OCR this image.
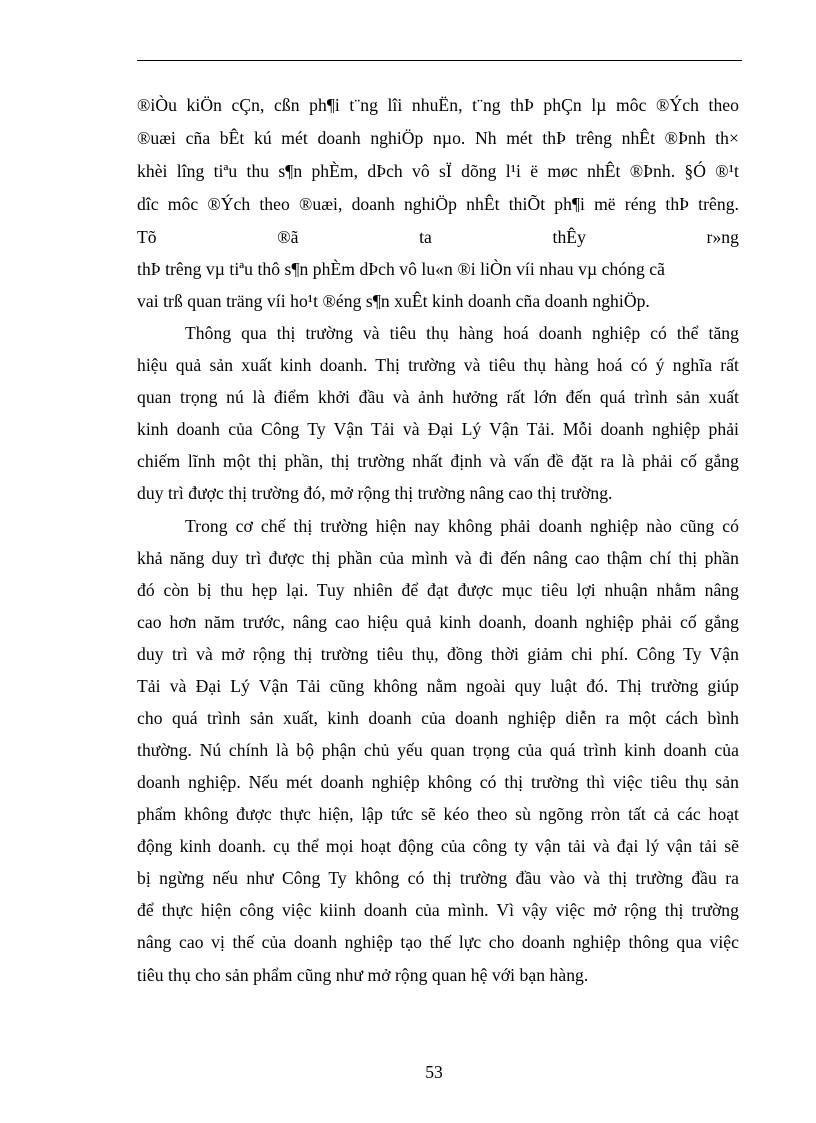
®iÒu kiÖn cÇn, cßn ph¶i t¨ng lîi nhuËn, t¨ng thÞ phÇn lµ môc ®Ých theo
®uæi cña bÊt kú mét doanh nghiÖp nµo. Nh mét thÞ trêng nhÊt ®Þnh th×
khèi lîng tiªu thu s¶n phÈm, dÞch vô sÏ dõng l¹i ë møc nhÊt ®Þnh. §Ó ®¹t
dîc môc ®Ých theo ®uæi, doanh nghiÖp nhÊt thiÕt ph¶i më réng thÞ trêng.
Tõ ®ã ta thÊy r»ng
thÞ trêng vµ tiªu thô s¶n phÈm dÞch vô lu«n ®i liÒn víi nhau vµ chóng cã
vai trß quan träng víi ho¹t ®éng s¶n xuÊt kinh doanh cña doanh nghiÖp.
Thông qua thị trường và tiêu thụ hàng hoá doanh nghiệp có thể tăng
hiệu quả sản xuất kinh doanh. Thị trường và tiêu thụ hàng hoá có ý nghĩa rất
quan trọng nú là điểm khởi đầu và ảnh hưởng rất lớn đến quá trình sản xuất
kinh doanh của Công Ty Vận Tải và Đại Lý Vận Tải. Mỗi doanh nghiệp phải
chiếm lĩnh một thị phần, thị trường nhất định và vấn đề đặt ra là phải cố gắng
duy trì được thị trường đó, mở rộng thị trường nâng cao thị trường.
Trong cơ chế thị trường hiện nay không phải doanh nghiệp nào cũng có
khả năng duy trì được thị phần của mình và đi đến nâng cao thậm chí thị phần
đó còn bị thu hẹp lại. Tuy nhiên để đạt được mục tiêu lợi nhuận nhằm nâng
cao hơn năm trước, nâng cao hiệu quả kinh doanh, doanh nghiệp phải cố gắng
duy trì và mở rộng thị trường tiêu thụ, đồng thời giảm chi phí. Công Ty Vận
Tải và Đại Lý Vận Tải cũng không nằm ngoài quy luật đó. Thị trường giúp
cho quá trình sản xuất, kinh doanh của doanh nghiệp diễn ra một cách bình
thường. Nú chính là bộ phận chủ yếu quan trọng của quá trình kinh doanh của
doanh nghiệp. Nếu mét doanh nghiệp không có thị trường thì việc tiêu thụ sản
phẩm không được thực hiện, lập tức sẽ kéo theo sù ngõng rròn tất cả các hoạt
động kinh doanh. cụ thể mọi hoạt động của công ty vận tải và đại lý vận tải sẽ
bị ngừng nếu như Công Ty không có thị trường đầu vào và thị trường đầu ra
để thực hiện công việc kiinh doanh của mình. Vì vậy việc mở rộng thị trường
nâng cao vị thế của doanh nghiệp tạo thế lực cho doanh nghiệp thông qua việc
tiêu thụ cho sản phẩm cũng như mở rộng quan hệ với bạn hàng.
53
